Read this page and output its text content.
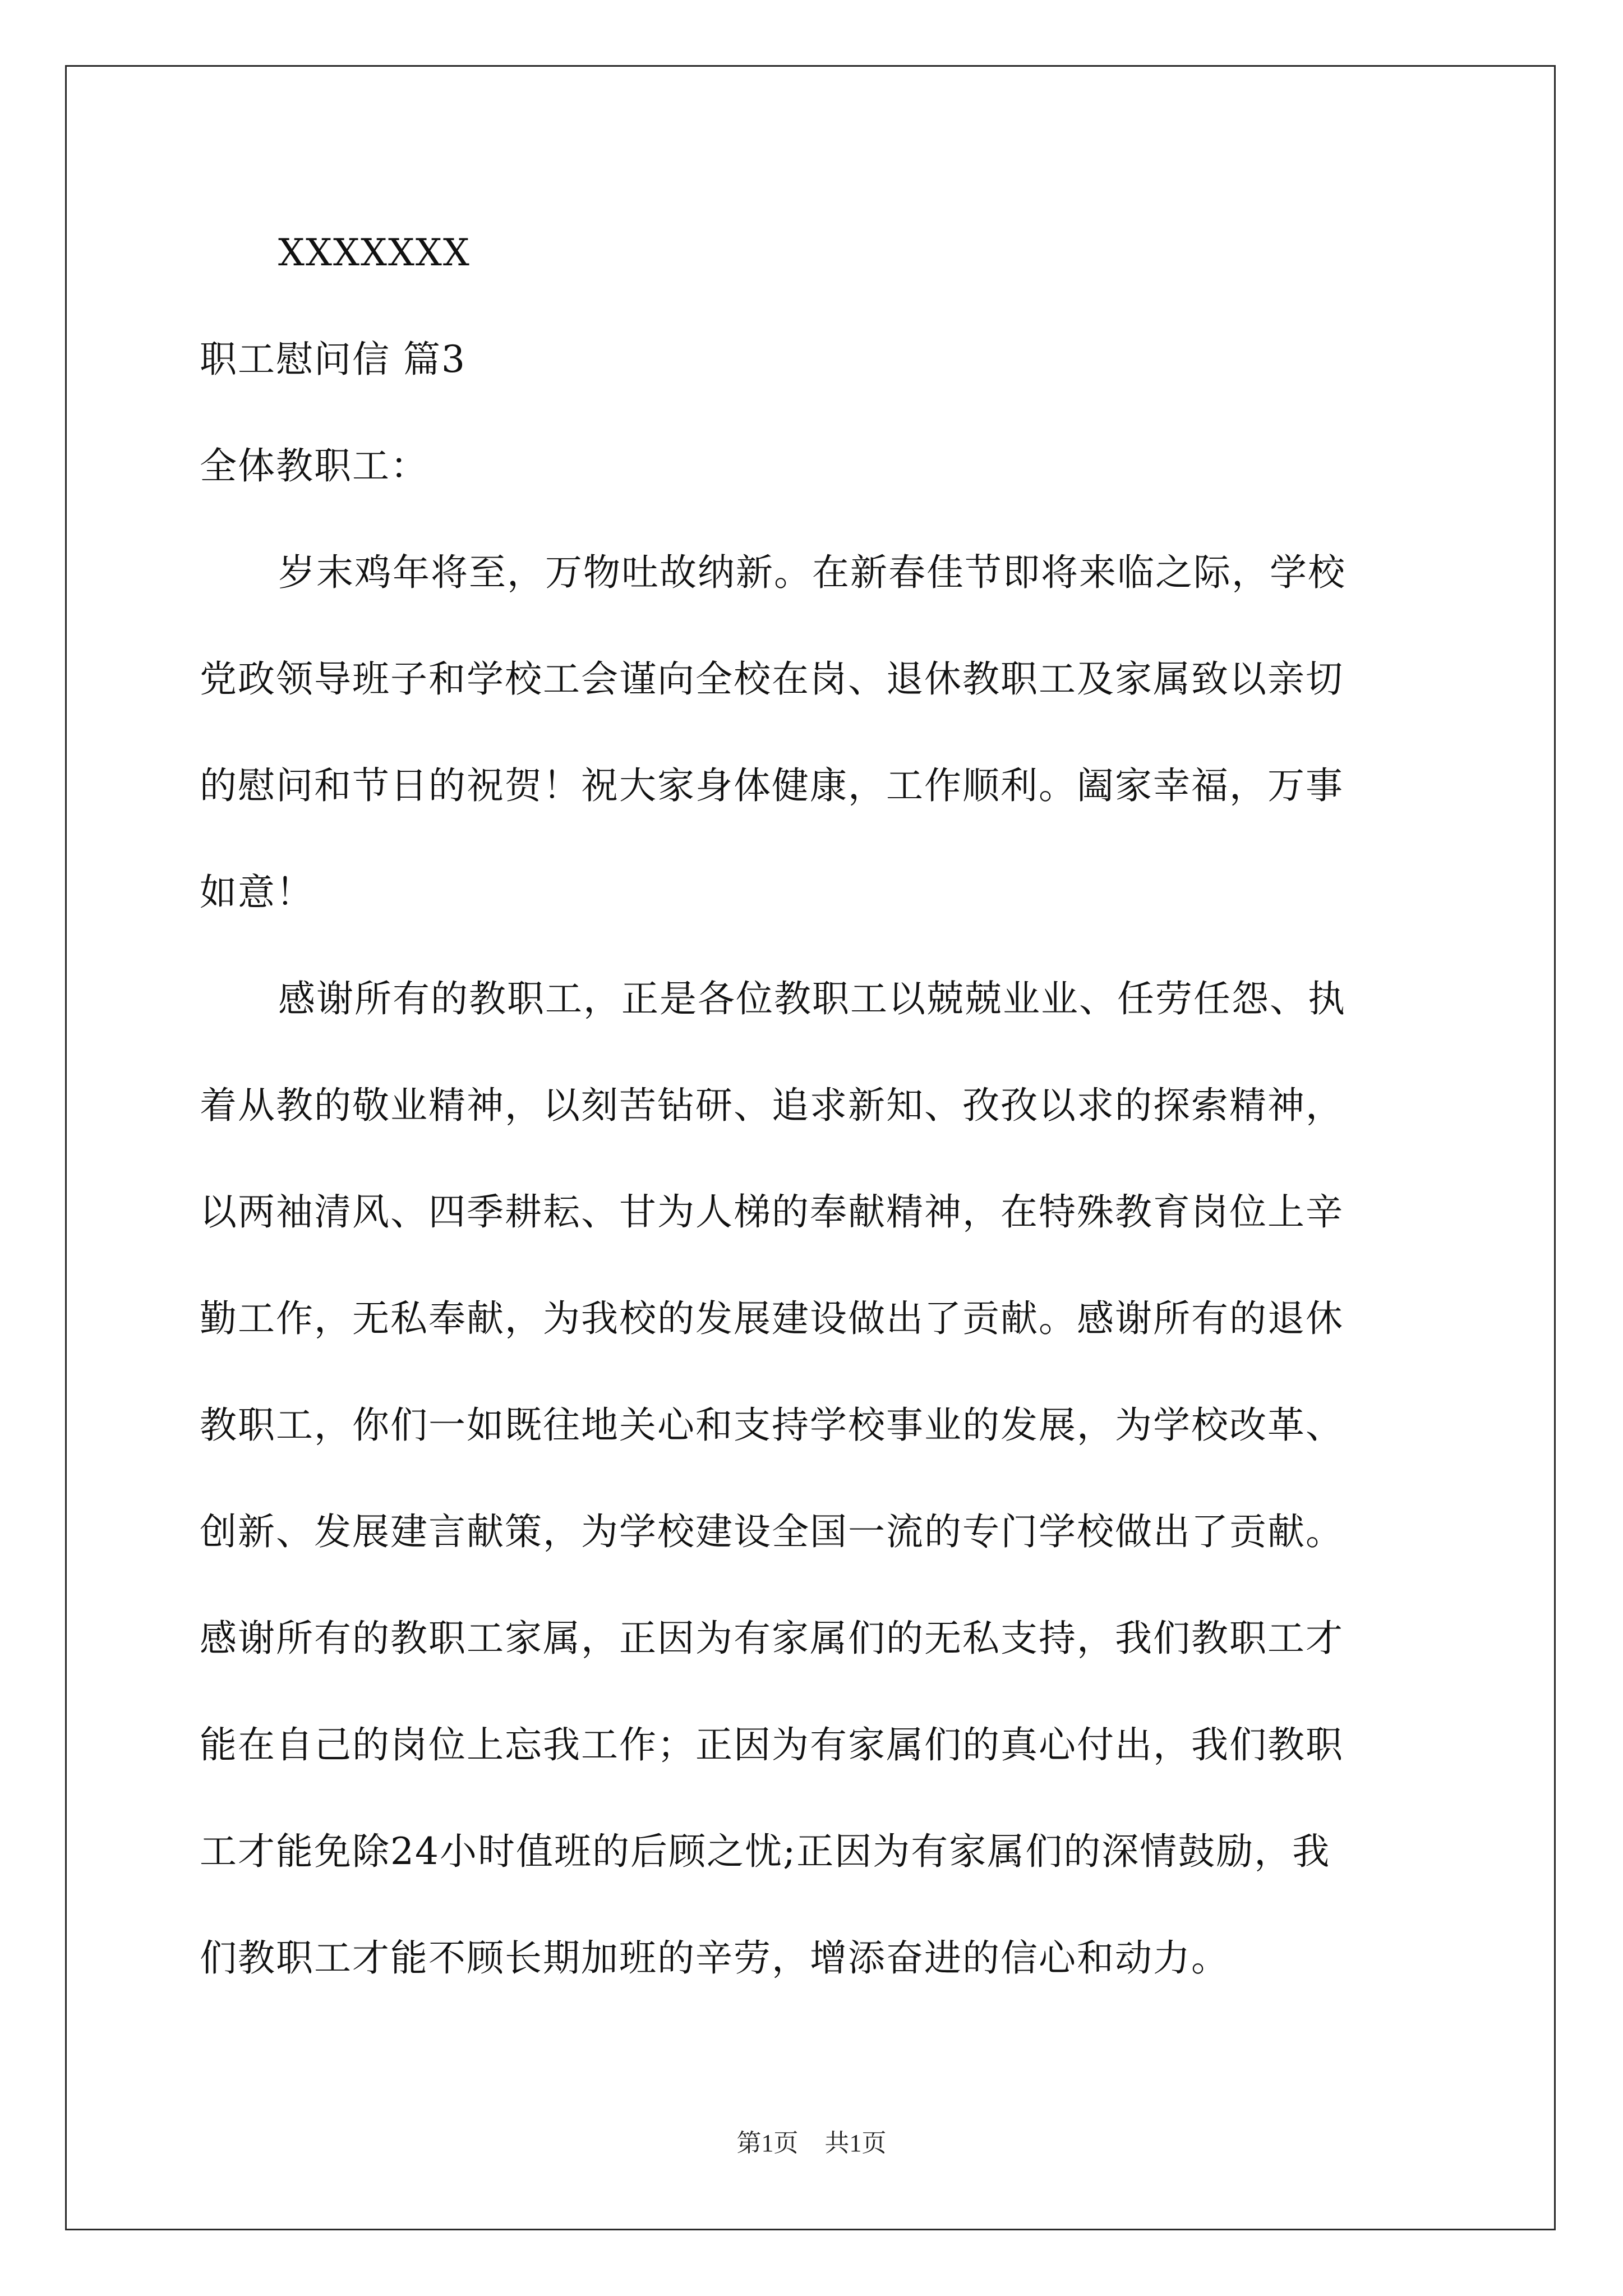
XXXXXXX
职工慰问信 篇3
全体教职工：
岁末鸡年将至，万物吐故纳新。在新春佳节即将来临之际，学校
党政领导班子和学校工会谨向全校在岗、退休教职工及家属致以亲切
的慰问和节日的祝贺！祝大家身体健康，工作顺利。阖家幸福，万事
如意！
感谢所有的教职工，正是各位教职工以兢兢业业、任劳任怨、执
着从教的敬业精神，以刻苦钻研、追求新知、孜孜以求的探索精神，
以两袖清风、四季耕耘、甘为人梯的奉献精神，在特殊教育岗位上辛
勤工作，无私奉献，为我校的发展建设做出了贡献。感谢所有的退休
教职工，你们一如既往地关心和支持学校事业的发展，为学校改革、
创新、发展建言献策，为学校建设全国一流的专门学校做出了贡献。
感谢所有的教职工家属，正因为有家属们的无私支持，我们教职工才
能在自己的岗位上忘我工作；正因为有家属们的真心付出，我们教职
工才能免除24小时值班的后顾之忧;正因为有家属们的深情鼓励，我
们教职工才能不顾长期加班的辛劳，增添奋进的信心和动力。
第1页 共1页
